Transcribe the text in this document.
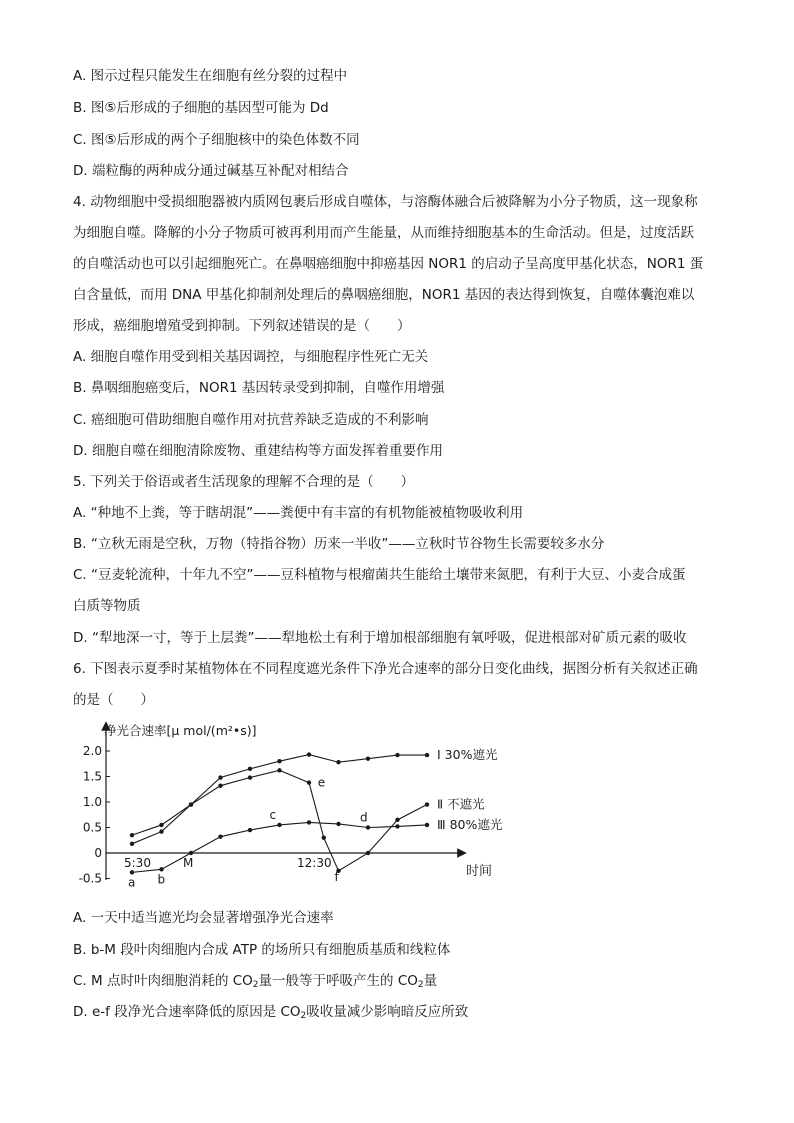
A. 图示过程只能发生在细胞有丝分裂的过程中
B. 图⑤后形成的子细胞的基因型可能为 Dd
C. 图⑤后形成的两个子细胞核中的染色体数不同
D. 端粒酶的两种成分通过碱基互补配对相结合
4. 动物细胞中受损细胞器被内质网包裹后形成自噬体，与溶酶体融合后被降解为小分子物质，这一现象称
为细胞自噬。降解的小分子物质可被再利用而产生能量，从而维持细胞基本的生命活动。但是，过度活跃
的自噬活动也可以引起细胞死亡。在鼻咽癌细胞中抑癌基因 NOR1 的启动子呈高度甲基化状态，NOR1 蛋
白含量低，而用 DNA 甲基化抑制剂处理后的鼻咽癌细胞，NOR1 基因的表达得到恢复，自噬体囊泡难以
形成，癌细胞增殖受到抑制。下列叙述错误的是（　　）
A. 细胞自噬作用受到相关基因调控，与细胞程序性死亡无关
B. 鼻咽细胞癌变后，NOR1 基因转录受到抑制，自噬作用增强
C. 癌细胞可借助细胞自噬作用对抗营养缺乏造成的不利影响
D. 细胞自噬在细胞清除废物、重建结构等方面发挥着重要作用
5. 下列关于俗语或者生活现象的理解不合理的是（　　）
A. “种地不上粪，等于瞎胡混”——粪便中有丰富的有机物能被植物吸收利用
B. “立秋无雨是空秋，万物（特指谷物）历来一半收”——立秋时节谷物生长需要较多水分
C. “豆麦轮流种，十年九不空”——豆科植物与根瘤菌共生能给土壤带来氮肥，有利于大豆、小麦合成蛋
白质等物质
D. “犁地深一寸，等于上层粪”——犁地松土有利于增加根部细胞有氧呼吸，促进根部对矿质元素的吸收
6. 下图表示夏季时某植物体在不同程度遮光条件下净光合速率的部分日变化曲线，据图分析有关叙述正确
的是（　　）
2.0
1.5
1.0
0.5
0
-0.5
5:30	12:30
Ⅰ 30%遮光
Ⅱ 不遮光
Ⅲ 80%遮光
a b
M
c	d
e
f
净光合速率[μ mol/(m²•s)]
时间
A. 一天中适当遮光均会显著增强净光合速率
B. b-M 段叶肉细胞内合成 ATP 的场所只有细胞质基质和线粒体
C. M 点时叶肉细胞消耗的 $CO_2$量一般等于呼吸产生的 $CO_2$量
D. e-f 段净光合速率降低的原因是 $CO_2$吸收量减少影响暗反应所致
